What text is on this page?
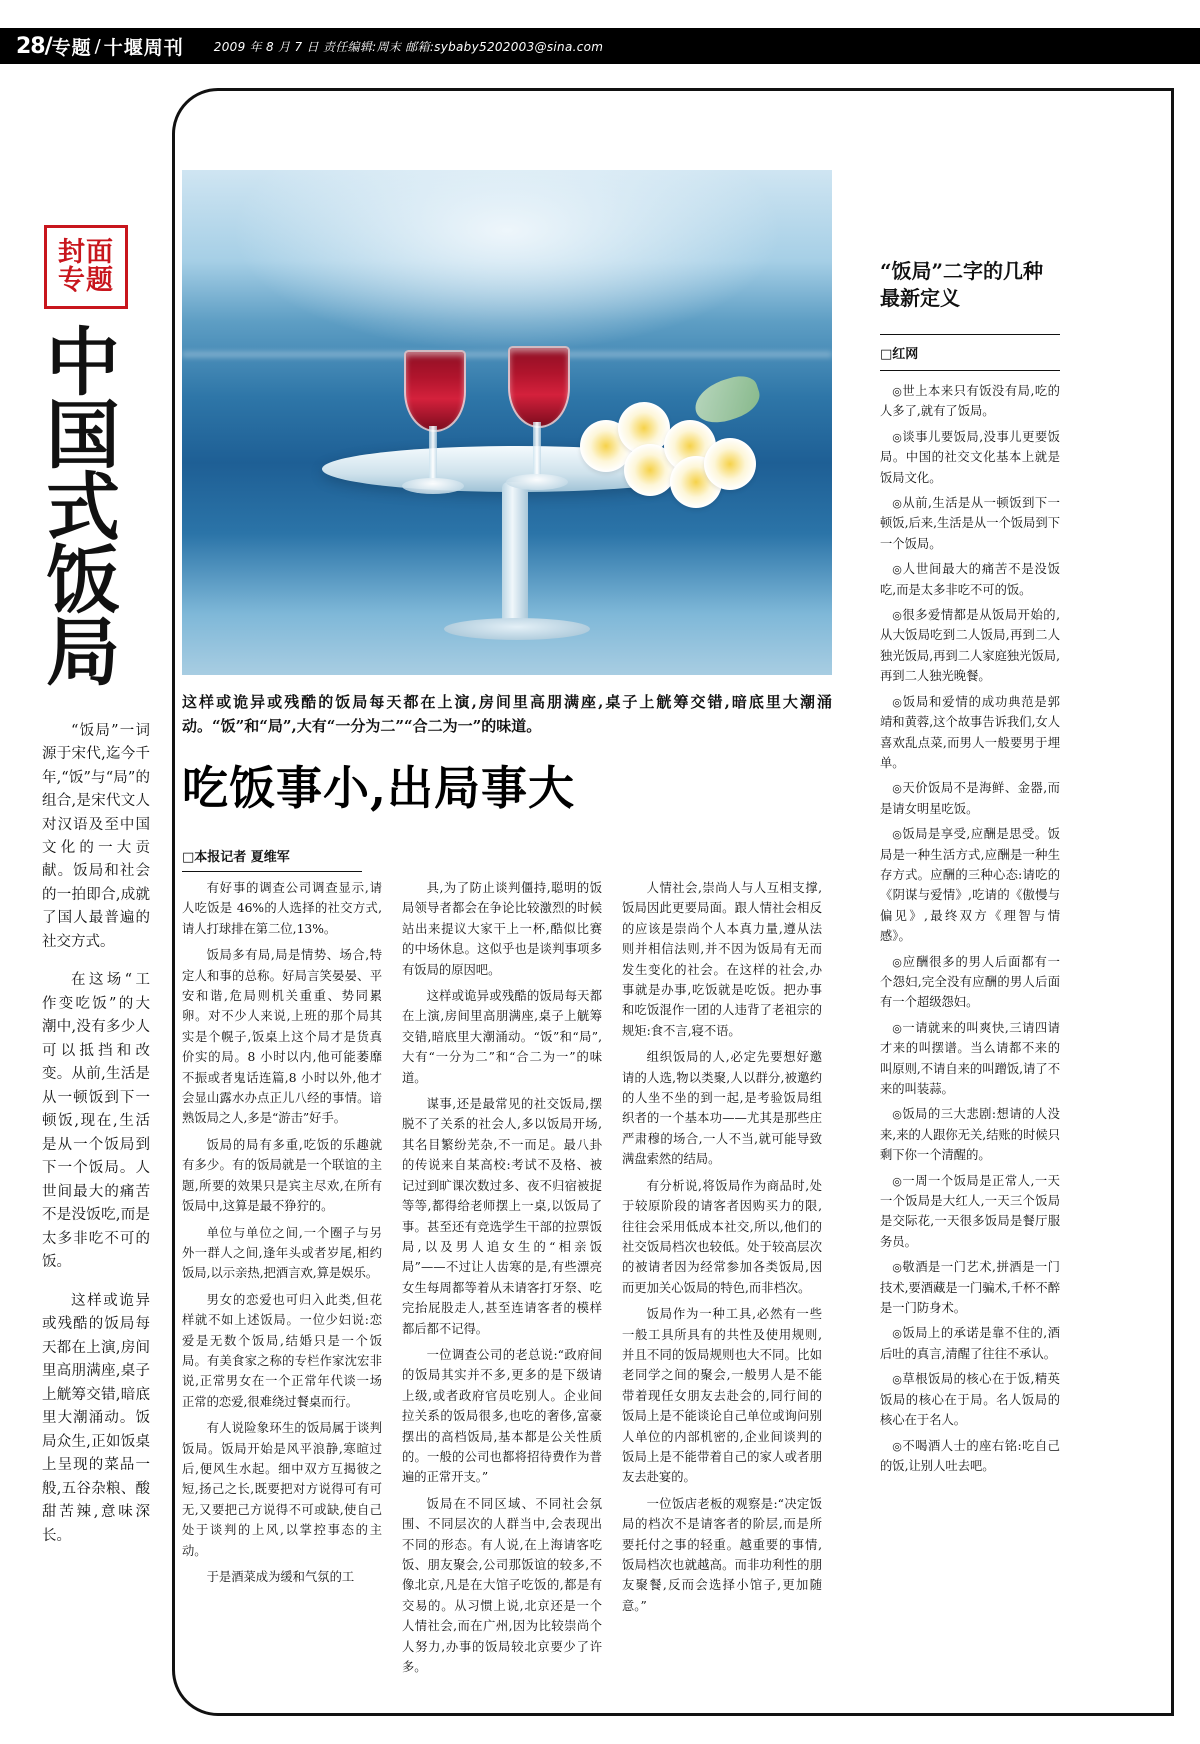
28/ 专题 / 十堰周刊	2009 年 8 月 7 日 责任编辑:周末 邮箱:sybaby5202003@sina.com
封面
专题
中国式饭局

“饭局”一词源于宋代,迄今千年,“饭”与“局”的组合,是宋代文人对汉语及至中国文化的一大贡献。饭局和社会的一拍即合,成就了国人最普遍的社交方式。

在这场“工作变吃饭”的大潮中,没有多少人可以抵挡和改变。从前,生活是从一顿饭到下一顿饭,现在,生活是从一个饭局到下一个饭局。人世间最大的痛苦不是没饭吃,而是太多非吃不可的饭。

这样或诡异或残酷的饭局每天都在上演,房间里高朋满座,桌子上觥筹交错,暗底里大潮涌动。饭局众生,正如饭桌上呈现的菜品一般,五谷杂粮、酸甜苦辣,意味深长。

这样或诡异或残酷的饭局每天都在上演,房间里高朋满座,桌子上觥筹交错,暗底里大潮涌动。“饭”和“局”,大有“一分为二”“合二为一”的味道。
吃饭事小,出局事大
□本报记者 夏维军

有好事的调查公司调查显示,请人吃饭是 46%的人选择的社交方式,请人打球排在第二位,13%。

饭局多有局,局是情势、场合,特定人和事的总称。好局言笑晏晏、平安和谐,危局则机关重重、势同累卵。对不少人来说,上班的那个局其实是个幌子,饭桌上这个局才是货真价实的局。8 小时以内,他可能萎靡不振或者鬼话连篇,8 小时以外,他才会显山露水办点正儿八经的事情。谙熟饭局之人,多是“游击”好手。

饭局的局有多重,吃饭的乐趣就有多少。有的饭局就是一个联谊的主题,所要的效果只是宾主尽欢,在所有饭局中,这算是最不狰狞的。

单位与单位之间,一个圈子与另外一群人之间,逢年头或者岁尾,相约饭局,以示亲热,把酒言欢,算是娱乐。

男女的恋爱也可归入此类,但花样就不如上述饭局。一位少妇说:恋爱是无数个饭局,结婚只是一个饭局。有美食家之称的专栏作家沈宏非说,正常男女在一个正常年代谈一场正常的恋爱,很难绕过餐桌而行。

有人说险象环生的饭局属于谈判饭局。饭局开始是风平浪静,寒暄过后,便风生水起。细中双方互揭彼之短,扬己之长,既要把对方说得可有可无,又要把己方说得不可或缺,使自己处于谈判的上风,以掌控事态的主动。

于是酒菜成为缓和气氛的工

具,为了防止谈判僵持,聪明的饭局领导者都会在争论比较激烈的时候站出来提议大家干上一杯,酷似比赛的中场休息。这似乎也是谈判事项多有饭局的原因吧。

这样或诡异或残酷的饭局每天都在上演,房间里高朋满座,桌子上觥筹交错,暗底里大潮涌动。“饭”和“局”,大有“一分为二”和“合二为一”的味道。

谋事,还是最常见的社交饭局,摆脱不了关系的社会人,多以饭局开场,其名目繁纷芜杂,不一而足。最八卦的传说来自某高校:考试不及格、被记过到旷课次数过多、夜不归宿被捉等等,都得给老师摆上一桌,以饭局了事。甚至还有竞选学生干部的拉票饭局,以及男人追女生的“相亲饭局”——不过让人齿寒的是,有些漂亮女生每周都等着从未请客打牙祭、吃完抬屁股走人,甚至连请客者的模样都后都不记得。

一位调查公司的老总说:“政府间的饭局其实并不多,更多的是下级请上级,或者政府官员吃别人。企业间拉关系的饭局很多,也吃的奢侈,富豪摆出的高档饭局,基本都是公关性质的。一般的公司也都将招待费作为普遍的正常开支。”

饭局在不同区域、不同社会氛围、不同层次的人群当中,会表现出不同的形态。有人说,在上海请客吃饭、朋友聚会,公司那饭谊的较多,不像北京,凡是在大馆子吃饭的,都是有交易的。从习惯上说,北京还是一个人情社会,而在广州,因为比较崇尚个人努力,办事的饭局较北京要少了许多。

人情社会,崇尚人与人互相支撑,饭局因此更要局面。跟人情社会相反的应该是崇尚个人本真力量,遵从法则并相信法则,并不因为饭局有无而发生变化的社会。在这样的社会,办事就是办事,吃饭就是吃饭。把办事和吃饭混作一团的人违背了老祖宗的规矩:食不言,寝不语。

组织饭局的人,必定先要想好邀请的人选,物以类聚,人以群分,被邀约的人坐不坐的到一起,是考验饭局组织者的一个基本功——尤其是那些庄严肃穆的场合,一人不当,就可能导致满盘索然的结局。

有分析说,将饭局作为商品时,处于较原阶段的请客者因购买力的限,往往会采用低成本社交,所以,他们的社交饭局档次也较低。处于较高层次的被请者因为经常参加各类饭局,因而更加关心饭局的特色,而非档次。

饭局作为一种工具,必然有一些一般工具所具有的共性及使用规则,并且不同的饭局规则也大不同。比如老同学之间的聚会,一般男人是不能带着现任女朋友去赴会的,同行间的饭局上是不能谈论自己单位或询问别人单位的内部机密的,企业间谈判的饭局上是不能带着自己的家人或者朋友去赴宴的。

一位饭店老板的观察是:“决定饭局的档次不是请客者的阶层,而是所要托付之事的轻重。越重要的事情,饭局档次也就越高。而非功利性的朋友聚餐,反而会选择小馆子,更加随意。”

“饭局”二字的几种最新定义
□红网

◎世上本来只有饭没有局,吃的人多了,就有了饭局。

◎谈事儿要饭局,没事儿更要饭局。中国的社交文化基本上就是饭局文化。

◎从前,生活是从一顿饭到下一顿饭,后来,生活是从一个饭局到下一个饭局。

◎人世间最大的痛苦不是没饭吃,而是太多非吃不可的饭。

◎很多爱情都是从饭局开始的,从大饭局吃到二人饭局,再到二人独光饭局,再到二人家庭独光饭局,再到二人独光晚餐。

◎饭局和爱情的成功典范是郭靖和黄蓉,这个故事告诉我们,女人喜欢乱点菜,而男人一般要男于埋单。

◎天价饭局不是海鲜、金器,而是请女明星吃饭。

◎饭局是享受,应酬是思受。饭局是一种生活方式,应酬是一种生存方式。应酬的三种心态:请吃的《阴谋与爱情》,吃请的《傲慢与偏见》,最终双方《理智与情感》。

◎应酬很多的男人后面都有一个怨妇,完全没有应酬的男人后面有一个超级怨妇。

◎一请就来的叫爽快,三请四请才来的叫摆谱。当么请都不来的叫原则,不请自来的叫蹭饭,请了不来的叫装蒜。

◎饭局的三大悲剧:想请的人没来,来的人跟你无关,结账的时候只剩下你一个清醒的。

◎一周一个饭局是正常人,一天一个饭局是大红人,一天三个饭局是交际花,一天很多饭局是餐厅服务员。

◎敬酒是一门艺术,拼酒是一门技术,要酒藏是一门骗术,千杯不醉是一门防身术。

◎饭局上的承诺是靠不住的,酒后吐的真言,清醒了往往不承认。

◎草根饭局的核心在于饭,精英饭局的核心在于局。名人饭局的核心在于名人。

◎不喝酒人士的座右铭:吃自己的饭,让别人吐去吧。
